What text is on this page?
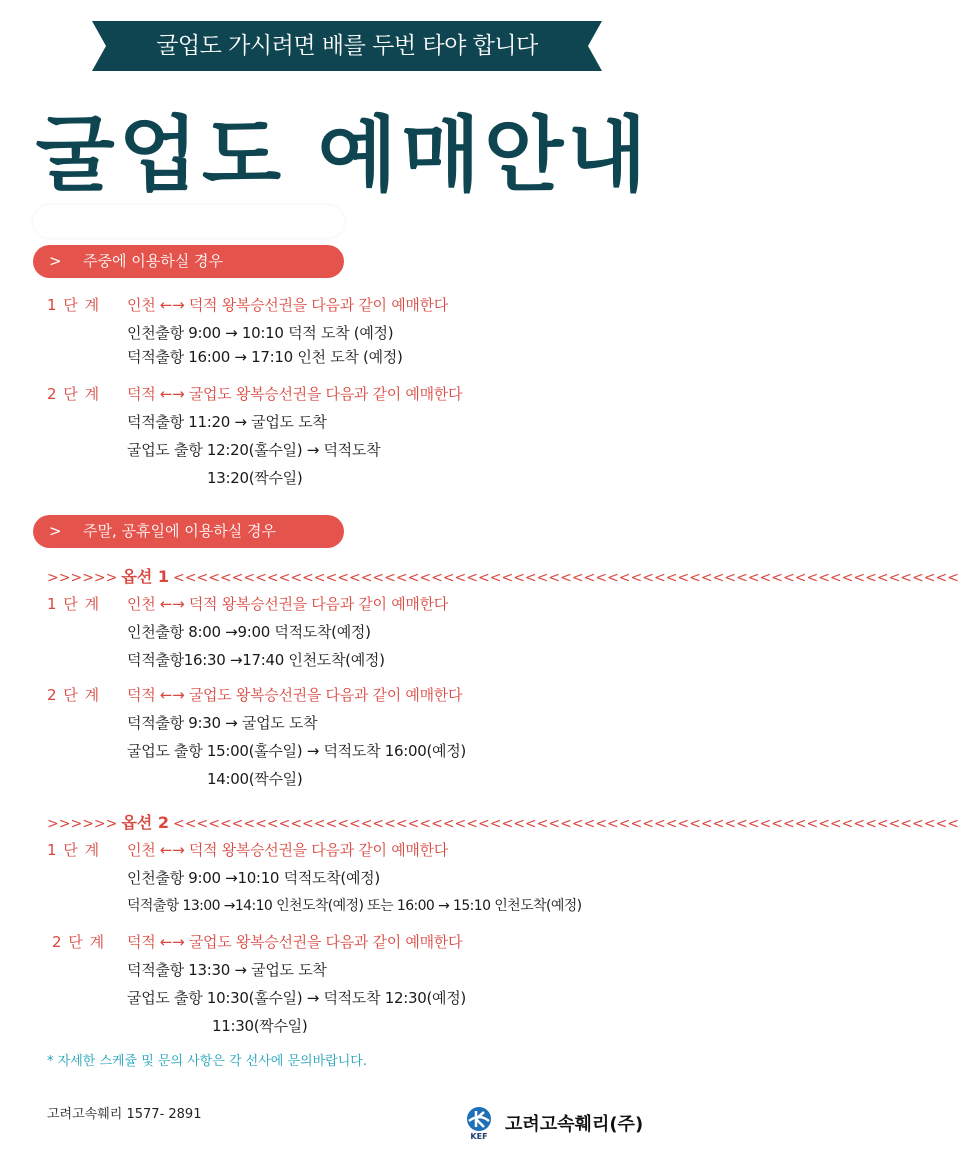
굴업도 가시려면 배를 두번 타야 합니다
굴업도 예매안내
> 주중에 이용하실 경우
1 단 계 인천 ←→ 덕적 왕복승선권을 다음과 같이 예매한다
인천출항 9:00 → 10:10 덕적 도착 (예정)
덕적출항 16:00 → 17:10 인천 도착 (예정)
2 단 계 덕적 ←→ 굴업도 왕복승선권을 다음과 같이 예매한다
덕적출항 11:20 → 굴업도 도착
굴업도 출항 12:20(홀수일) → 덕적도착
13:20(짝수일)
> 주말, 공휴일에 이용하실 경우
>>>>>> 옵션 1 <<<<<<<<<<<<<<<<<<<<<<<<<<<<<<<<<<<<<<<<<<<<<<<<<<<<<<<<<<<<<<<<<<<
1 단 계 인천 ←→ 덕적 왕복승선권을 다음과 같이 예매한다
인천출항 8:00 →9:00 덕적도착(예정)
덕적출항16:30 →17:40 인천도착(예정)
2 단 계 덕적 ←→ 굴업도 왕복승선권을 다음과 같이 예매한다
덕적출항 9:30 → 굴업도 도착
굴업도 출항 15:00(홀수일) → 덕적도착 16:00(예정)
14:00(짝수일)
>>>>>> 옵션 2 <<<<<<<<<<<<<<<<<<<<<<<<<<<<<<<<<<<<<<<<<<<<<<<<<<<<<<<<<<<<<<<<<<<
1 단 계 인천 ←→ 덕적 왕복승선권을 다음과 같이 예매한다
인천출항 9:00 →10:10 덕적도착(예정)
덕적출항 13:00 →14:10 인천도착(예정) 또는 16:00 → 15:10 인천도착(예정)
2 단 계 덕적 ←→ 굴업도 왕복승선권을 다음과 같이 예매한다
덕적출항 13:30 → 굴업도 도착
굴업도 출항 10:30(홀수일) → 덕적도착 12:30(예정)
11:30(짝수일)
* 자세한 스케쥴 및 문의 사항은 각 선사에 문의바랍니다.
고려고속훼리 1577- 2891
KEF
고려고속훼리(주)
